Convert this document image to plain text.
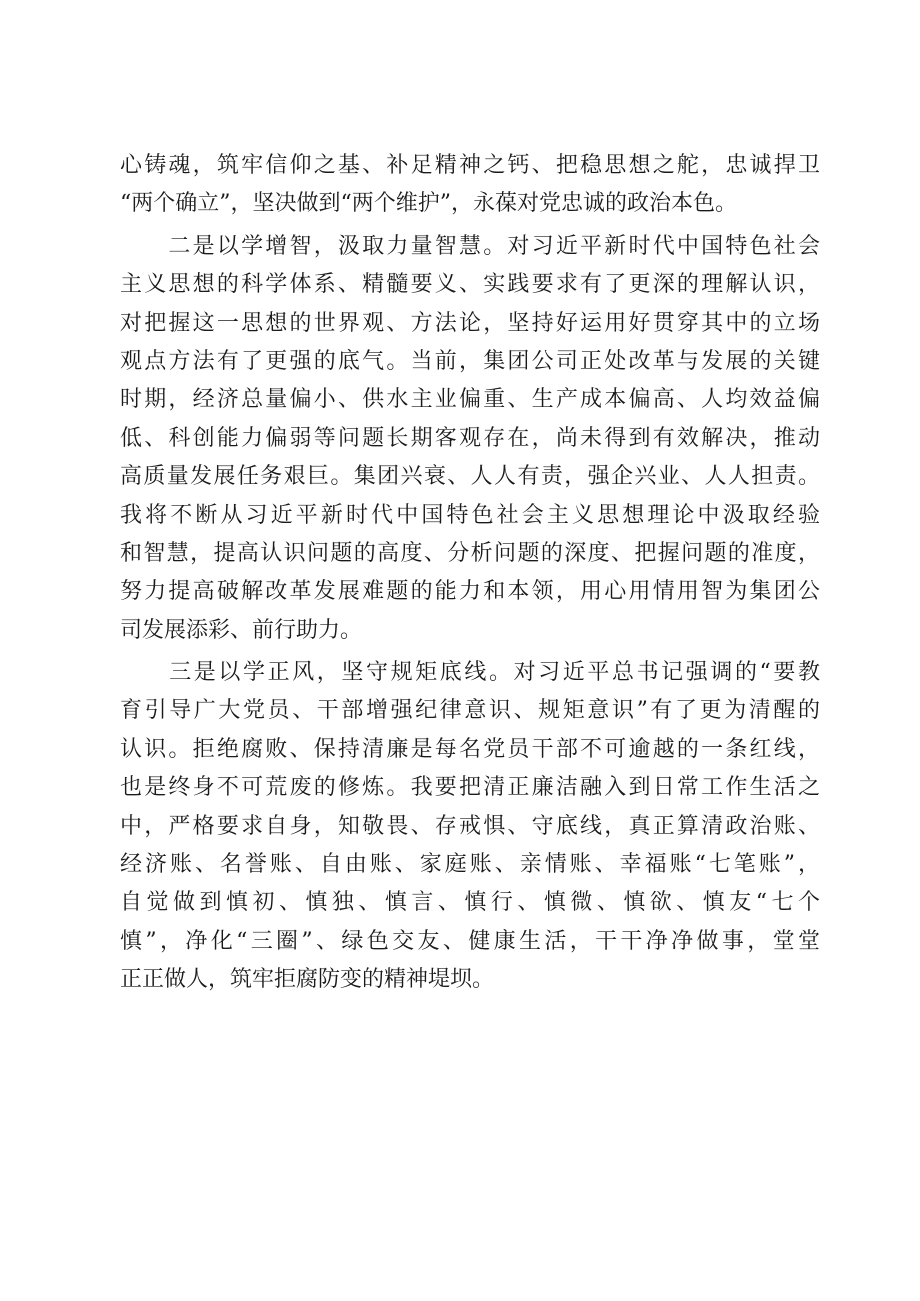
心铸魂，筑牢信仰之基、补足精神之钙、把稳思想之舵，忠诚捍卫
“两个确立”，坚决做到“两个维护”，永葆对党忠诚的政治本色。
　　二是以学增智，汲取力量智慧。对习近平新时代中国特色社会
主义思想的科学体系、精髓要义、实践要求有了更深的理解认识，
对把握这一思想的世界观、方法论，坚持好运用好贯穿其中的立场
观点方法有了更强的底气。当前，集团公司正处改革与发展的关键
时期，经济总量偏小、供水主业偏重、生产成本偏高、人均效益偏
低、科创能力偏弱等问题长期客观存在，尚未得到有效解决，推动
高质量发展任务艰巨。集团兴衰、人人有责，强企兴业、人人担责。
我将不断从习近平新时代中国特色社会主义思想理论中汲取经验
和智慧，提高认识问题的高度、分析问题的深度、把握问题的准度，
努力提高破解改革发展难题的能力和本领，用心用情用智为集团公
司发展添彩、前行助力。
　　三是以学正风，坚守规矩底线。对习近平总书记强调的“要教
育引导广大党员、干部增强纪律意识、规矩意识”有了更为清醒的
认识。拒绝腐败、保持清廉是每名党员干部不可逾越的一条红线，
也是终身不可荒废的修炼。我要把清正廉洁融入到日常工作生活之
中，严格要求自身，知敬畏、存戒惧、守底线，真正算清政治账、
经济账、名誉账、自由账、家庭账、亲情账、幸福账“七笔账”，
自觉做到慎初、慎独、慎言、慎行、慎微、慎欲、慎友“七个
慎”，净化“三圈”、绿色交友、健康生活，干干净净做事，堂堂
正正做人，筑牢拒腐防变的精神堤坝。
